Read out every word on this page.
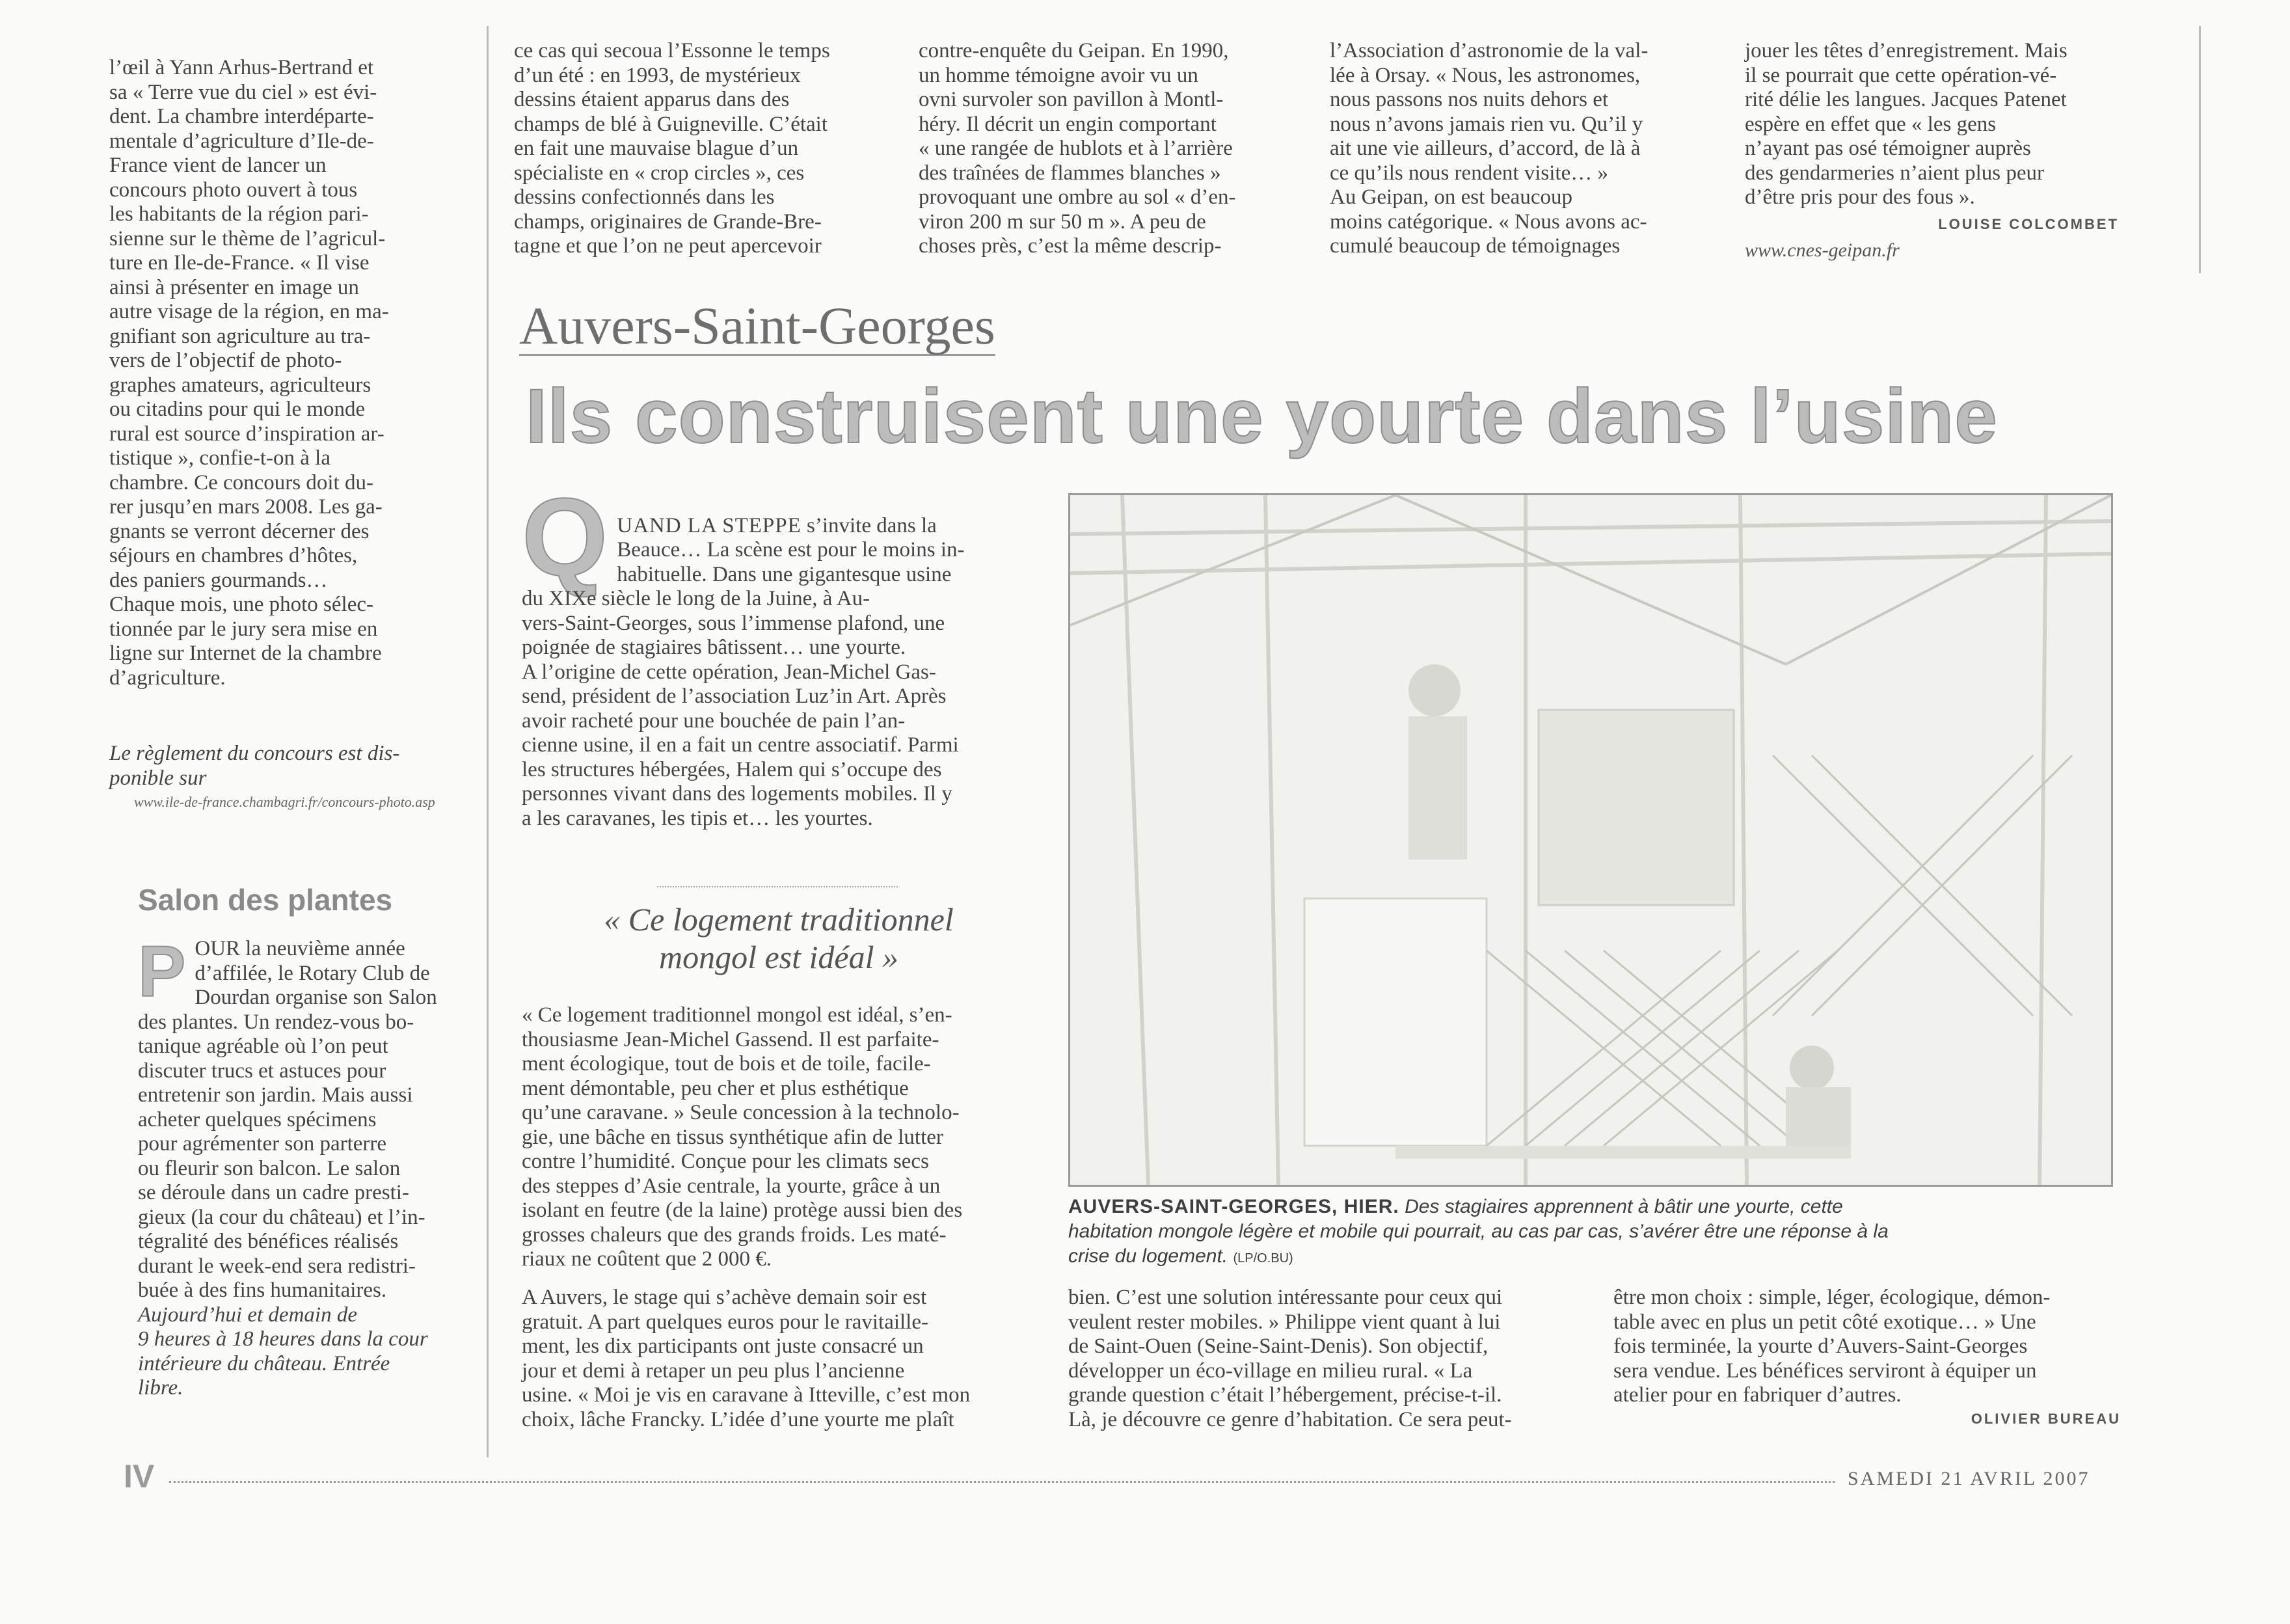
l’œil à Yann Arhus-Bertrand et
sa « Terre vue du ciel » est évi-
dent. La chambre interdéparte-
mentale d’agriculture d’Ile-de-
France vient de lancer un
concours photo ouvert à tous
les habitants de la région pari-
sienne sur le thème de l’agricul-
ture en Ile-de-France. « Il vise
ainsi à présenter en image un
autre visage de la région, en ma-
gnifiant son agriculture au tra-
vers de l’objectif de photo-
graphes amateurs, agriculteurs
ou citadins pour qui le monde
rural est source d’inspiration ar-
tistique », confie-t-on à la
chambre. Ce concours doit du-
rer jusqu’en mars 2008. Les ga-
gnants se verront décerner des
séjours en chambres d’hôtes,
des paniers gourmands…
Chaque mois, une photo sélec-
tionnée par le jury sera mise en
ligne sur Internet de la chambre
d’agriculture.
Le règlement du concours est dis-
ponible sur
www.ile-de-france.chambagri.fr/concours-photo.asp
Salon des plantes
P OUR la neuvième année
d’affilée, le Rotary Club de
Dourdan organise son Salon
des plantes. Un rendez-vous bo-
tanique agréable où l’on peut
discuter trucs et astuces pour
entretenir son jardin. Mais aussi
acheter quelques spécimens
pour agrémenter son parterre
ou fleurir son balcon. Le salon
se déroule dans un cadre presti-
gieux (la cour du château) et l’in-
tégralité des bénéfices réalisés
durant le week-end sera redistri-
buée à des fins humanitaires.
Aujourd’hui et demain de
9 heures à 18 heures dans la cour
intérieure du château. Entrée
libre.
ce cas qui secoua l’Essonne le temps
d’un été : en 1993, de mystérieux
dessins étaient apparus dans des
champs de blé à Guigneville. C’était
en fait une mauvaise blague d’un
spécialiste en « crop circles », ces
dessins confectionnés dans les
champs, originaires de Grande-Bre-
tagne et que l’on ne peut apercevoir
contre-enquête du Geipan. En 1990,
un homme témoigne avoir vu un
ovni survoler son pavillon à Montl-
héry. Il décrit un engin comportant
« une rangée de hublots et à l’arrière
des traînées de flammes blanches »
provoquant une ombre au sol « d’en-
viron 200 m sur 50 m ». A peu de
choses près, c’est la même descrip-
l’Association d’astronomie de la val-
lée à Orsay. « Nous, les astronomes,
nous passons nos nuits dehors et
nous n’avons jamais rien vu. Qu’il y
ait une vie ailleurs, d’accord, de là à
ce qu’ils nous rendent visite… »
Au Geipan, on est beaucoup
moins catégorique. « Nous avons ac-
cumulé beaucoup de témoignages
jouer les têtes d’enregistrement. Mais
il se pourrait que cette opération-vé-
rité délie les langues. Jacques Patenet
espère en effet que « les gens
n’ayant pas osé témoigner auprès
des gendarmeries n’aient plus peur
d’être pris pour des fous ».
LOUISE COLCOMBET
www.cnes-geipan.fr
Auvers-Saint-Georges
Ils construisent une yourte dans l’usine
Q UAND LA STEPPE s’invite dans la
Beauce… La scène est pour le moins in-
habituelle. Dans une gigantesque usine
du XIXe siècle le long de la Juine, à Au-
vers-Saint-Georges, sous l’immense plafond, une
poignée de stagiaires bâtissent… une yourte.

A l’origine de cette opération, Jean-Michel Gas-
send, président de l’association Luz’in Art. Après
avoir racheté pour une bouchée de pain l’an-
cienne usine, il en a fait un centre associatif. Parmi
les structures hébergées, Halem qui s’occupe des
personnes vivant dans des logements mobiles. Il y
a les caravanes, les tipis et… les yourtes.
« Ce logement traditionnel
mongol est idéal »
« Ce logement traditionnel mongol est idéal, s’en-
thousiasme Jean-Michel Gassend. Il est parfaite-
ment écologique, tout de bois et de toile, facile-
ment démontable, peu cher et plus esthétique
qu’une caravane. » Seule concession à la technolo-
gie, une bâche en tissus synthétique afin de lutter
contre l’humidité. Conçue pour les climats secs
des steppes d’Asie centrale, la yourte, grâce à un
isolant en feutre (de la laine) protège aussi bien des
grosses chaleurs que des grands froids. Les maté-
riaux ne coûtent que 2 000 €.
A Auvers, le stage qui s’achève demain soir est
gratuit. A part quelques euros pour le ravitaille-
ment, les dix participants ont juste consacré un
jour et demi à retaper un peu plus l’ancienne
usine. « Moi je vis en caravane à Itteville, c’est mon
choix, lâche Francky. L’idée d’une yourte me plaît
AUVERS-SAINT-GEORGES, HIER. Des stagiaires apprennent à bâtir une yourte, cette
habitation mongole légère et mobile qui pourrait, au cas par cas, s’avérer être une réponse à la
crise du logement. (LP/O.BU)
bien. C’est une solution intéressante pour ceux qui
veulent rester mobiles. » Philippe vient quant à lui
de Saint-Ouen (Seine-Saint-Denis). Son objectif,
développer un éco-village en milieu rural. « La
grande question c’était l’hébergement, précise-t-il.
Là, je découvre ce genre d’habitation. Ce sera peut-
être mon choix : simple, léger, écologique, démon-
table avec en plus un petit côté exotique… » Une
fois terminée, la yourte d’Auvers-Saint-Georges
sera vendue. Les bénéfices serviront à équiper un
atelier pour en fabriquer d’autres.
OLIVIER BUREAU
IV	SAMEDI 21 AVRIL 2007
